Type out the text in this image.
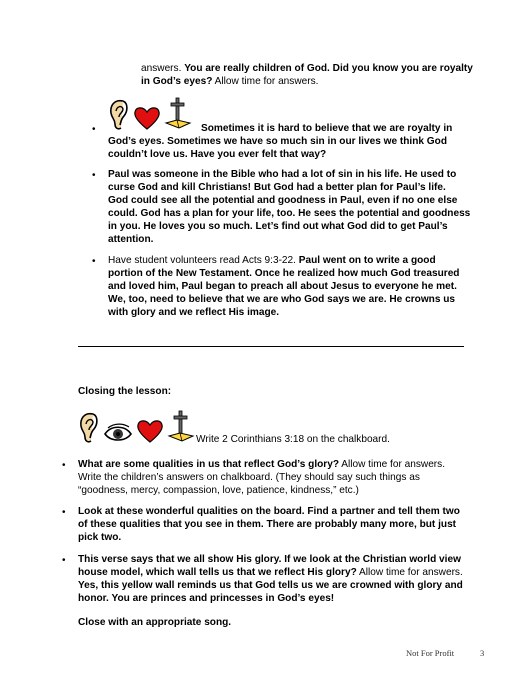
answers. You are really children of God. Did you know you are royalty
in God’s eyes? Allow time for answers.
•	Sometimes it is hard to believe that we are royalty in
God’s eyes. Sometimes we have so much sin in our lives we think God
couldn’t love us. Have you ever felt that way?
• Paul was someone in the Bible who had a lot of sin in his life. He used to
curse God and kill Christians! But God had a better plan for Paul’s life.
God could see all the potential and goodness in Paul, even if no one else
could. God has a plan for your life, too. He sees the potential and goodness
in you. He loves you so much. Let’s find out what God did to get Paul’s
attention.
• Have student volunteers read Acts 9:3-22. Paul went on to write a good
portion of the New Testament. Once he realized how much God treasured
and loved him, Paul began to preach all about Jesus to everyone he met.
We, too, need to believe that we are who God says we are. He crowns us
with glory and we reflect His image.
Closing the lesson:
Write 2 Corinthians 3:18 on the chalkboard.
• What are some qualities in us that reflect God’s glory? Allow time for answers.
Write the children’s answers on chalkboard. (They should say such things as
“goodness, mercy, compassion, love, patience, kindness,” etc.)
• Look at these wonderful qualities on the board. Find a partner and tell them two
of these qualities that you see in them. There are probably many more, but just
pick two.
• This verse says that we all show His glory. If we look at the Christian world view
house model, which wall tells us that we reflect His glory? Allow time for answers.
Yes, this yellow wall reminds us that God tells us we are crowned with glory and
honor. You are princes and princesses in God’s eyes!
Close with an appropriate song.
Not For Profit	3
